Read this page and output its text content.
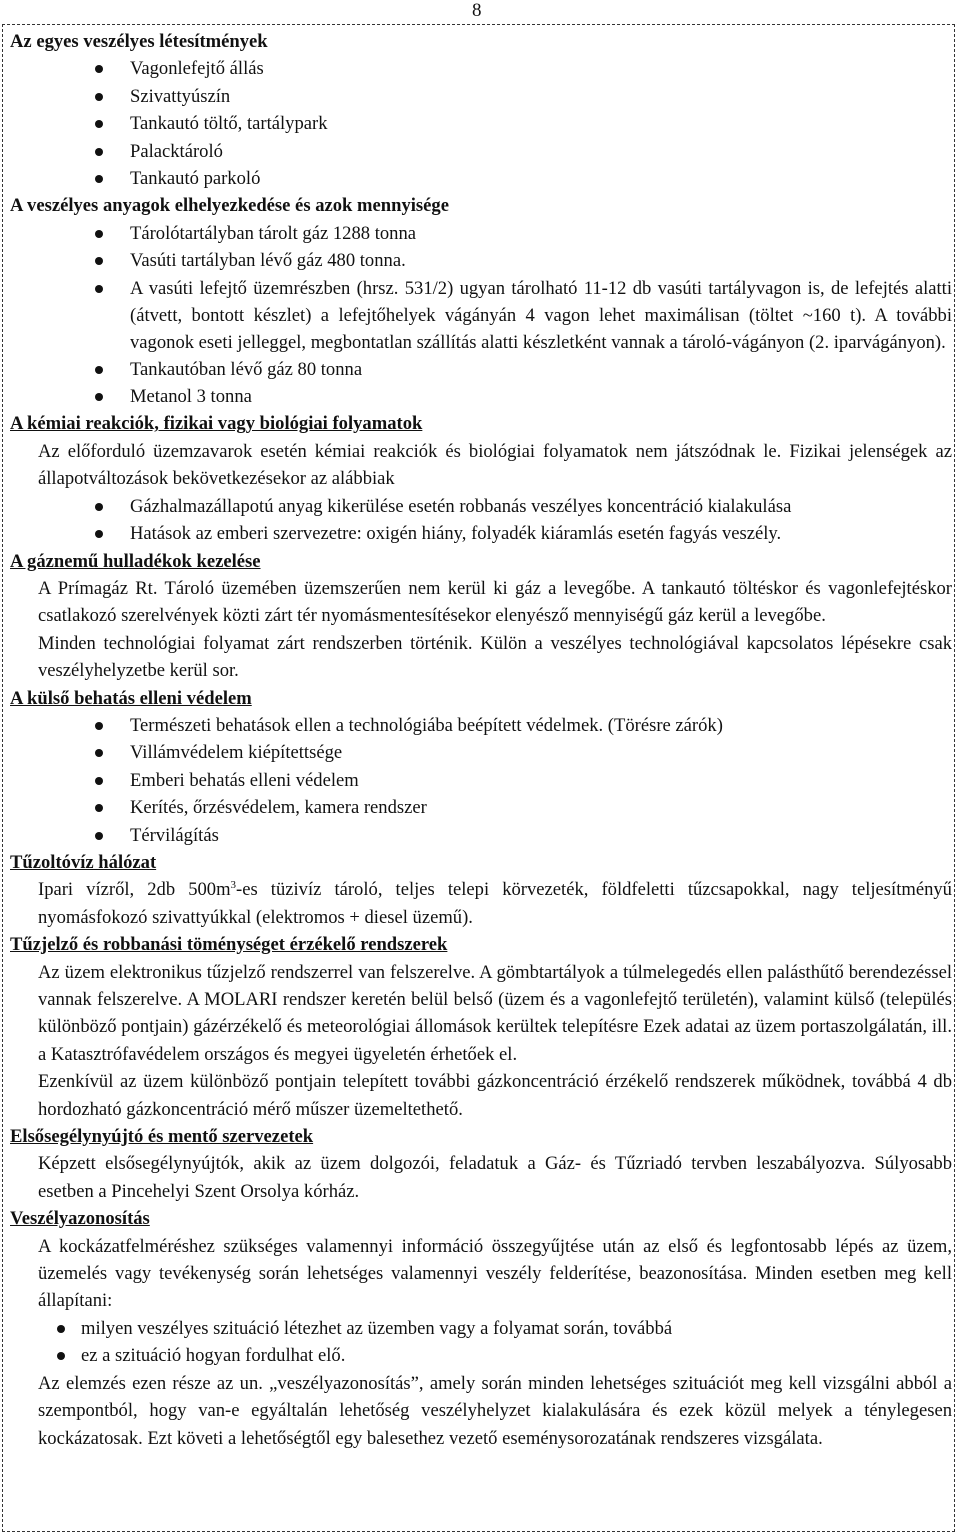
8
Az egyes veszélyes létesítmények
Vagonlefejtő állás
Szivattyúszín
Tankautó töltő, tartálypark
Palacktároló
Tankautó parkoló
A veszélyes anyagok elhelyezkedése és azok mennyisége
Tárolótartályban tárolt gáz 1288 tonna
Vasúti tartályban lévő gáz 480 tonna.
A vasúti lefejtő üzemrészben (hrsz. 531/2) ugyan tárolható 11-12 db vasúti tartályvagon is, de lefejtés alatti (átvett, bontott készlet) a lefejtőhelyek vágányán 4 vagon lehet maximálisan (töltet ~160 t). A további vagonok eseti jelleggel, megbontatlan szállítás alatti készletként vannak a tároló-vágányon (2. iparvágányon).
Tankautóban lévő gáz 80 tonna
Metanol 3 tonna
A kémiai reakciók, fizikai vagy biológiai folyamatok
Az előforduló üzemzavarok esetén kémiai reakciók és biológiai folyamatok nem játszódnak le. Fizikai jelenségek az állapotváltozások bekövetkezésekor az alábbiak
Gázhalmazállapotú anyag kikerülése esetén robbanás veszélyes koncentráció kialakulása
Hatások az emberi szervezetre: oxigén hiány, folyadék kiáramlás esetén fagyás veszély.
A gáznemű hulladékok kezelése
A Prímagáz Rt. Tároló üzemében üzemszerűen nem kerül ki gáz a levegőbe. A tankautó töltéskor és vagonlefejtéskor csatlakozó szerelvények közti zárt tér nyomásmentesítésekor elenyésző mennyiségű gáz kerül a levegőbe.
Minden technológiai folyamat zárt rendszerben történik. Külön a veszélyes technológiával kapcsolatos lépésekre csak veszélyhelyzetbe kerül sor.
A külső behatás elleni védelem
Természeti behatások ellen a technológiába beépített védelmek. (Törésre zárók)
Villámvédelem kiépítettsége
Emberi behatás elleni védelem
Kerítés, őrzésvédelem, kamera rendszer
Térvilágítás
Tűzoltóvíz hálózat
Ipari vízről, 2db $500m^3-es$ tüzivíz tároló, teljes telepi körvezeték, földfeletti tűzcsapokkal, nagy teljesítményű nyomásfokozó szivattyúkkal (elektromos + diesel üzemű).
Tűzjelző és robbanási töménységet érzékelő rendszerek
Az üzem elektronikus tűzjelző rendszerrel van felszerelve. A gömbtartályok a túlmelegedés ellen palásthűtő berendezéssel vannak felszerelve. A MOLARI rendszer keretén belül belső (üzem és a vagonlefejtő területén), valamint külső (település különböző pontjain) gázérzékelő és meteorológiai állomások kerültek telepítésre Ezek adatai az üzem portaszolgálatán, ill. a Katasztrófavédelem országos és megyei ügyeletén érhetőek el.
Ezenkívül az üzem különböző pontjain telepített további gázkoncentráció érzékelő rendszerek működnek, továbbá 4 db hordozható gázkoncentráció mérő műszer üzemeltethető.
Elsősegélynyújtó és mentő szervezetek
Képzett elsősegélynyújtók, akik az üzem dolgozói, feladatuk a Gáz- és Tűzriadó tervben leszabályozva. Súlyosabb esetben a Pincehelyi Szent Orsolya kórház.
Veszélyazonosítás
A kockázatfelméréshez szükséges valamennyi információ összegyűjtése után az első és legfontosabb lépés az üzem, üzemelés vagy tevékenység során lehetséges valamennyi veszély felderítése, beazonosítása. Minden esetben meg kell állapítani:
milyen veszélyes szituáció létezhet az üzemben vagy a folyamat során, továbbá
ez a szituáció hogyan fordulhat elő.
Az elemzés ezen része az un. „veszélyazonosítás”, amely során minden lehetséges szituációt meg kell vizsgálni abból a szempontból, hogy van-e egyáltalán lehetőség veszélyhelyzet kialakulására és ezek közül melyek a ténylegesen kockázatosak. Ezt követi a lehetőségtől egy balesethez vezető eseménysorozatának rendszeres vizsgálata.
